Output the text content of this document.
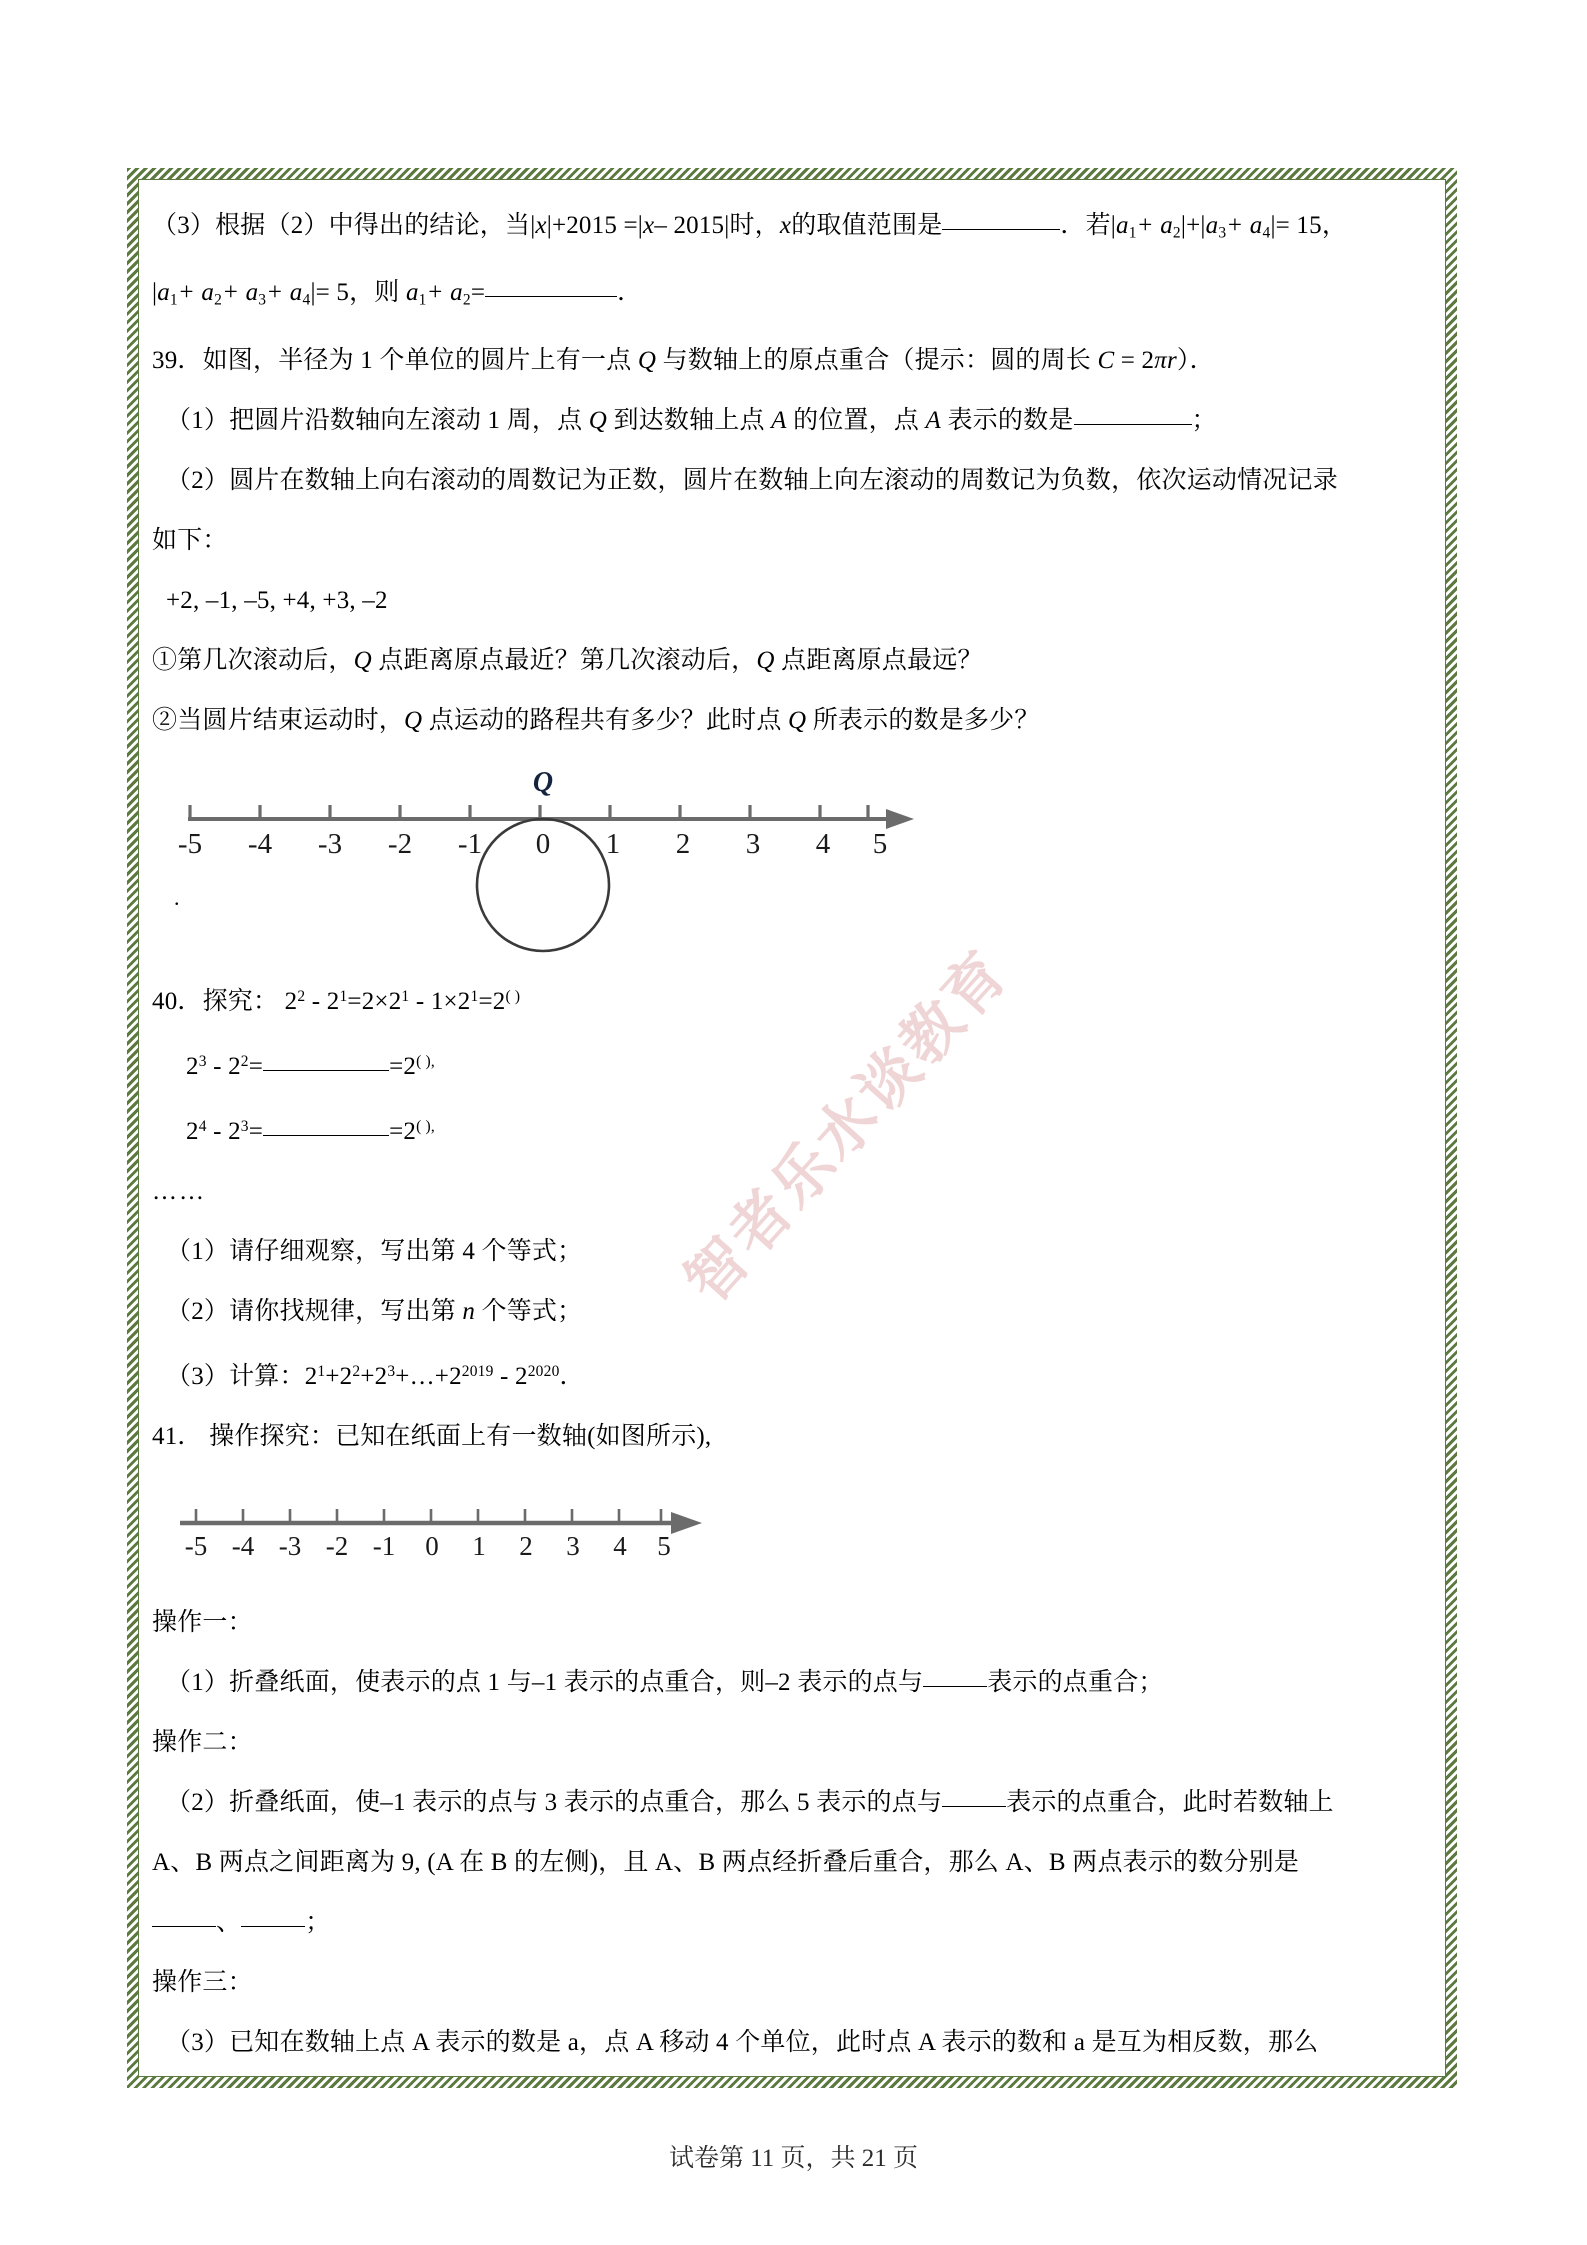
智者乐水谈教育
（3）根据（2）中得出的结论，当|x|+2015 =|x– 2015|时，x的取值范围是	．若$|a_1+ a_2|+|a_3+ a_4|= 15$，
$|a_1+ a_2+ a_3+ a_4|= 5$，则 $a_1+ a_2=$	．
39．如图，半径为 1 个单位的圆片上有一点 Q 与数轴上的原点重合（提示：圆的周长 C = 2πr）．
（1）把圆片沿数轴向左滚动 1 周，点 Q 到达数轴上点 A 的位置，点 A 表示的数是	；
（2）圆片在数轴上向右滚动的周数记为正数，圆片在数轴上向左滚动的周数记为负数，依次运动情况记录
如下：
+2, –1, –5, +4, +3, –2
①第几次滚动后，Q 点距离原点最近？第几次滚动后，Q 点距离原点最远？
②当圆片结束运动时，Q 点运动的路程共有多少？此时点 Q 所表示的数是多少？
-5 -4 -3 -2 -1 0 1 2 3 4 5
Q
.
40．探究： $2^2 - 2^1=2\times 2^1 - 1\times 2^1=2^{( )}$
$2^3 - 2^2=$	=2( ),
$2^4 - 2^3=$	=2( ),
……
（1）请仔细观察，写出第 4 个等式；
（2）请你找规律，写出第 n 个等式；
（3）计算：$2^1+2^2+2^3+\dots+2^{2019} - 2^{2020}$．
41． 操作探究：已知在纸面上有一数轴(如图所示),
-5 -4 -3 -2 -1 0 1 2 3 4 5
操作一：
（1）折叠纸面，使表示的点 1 与–1 表示的点重合，则–2 表示的点与	表示的点重合；
操作二：
（2）折叠纸面，使–1 表示的点与 3 表示的点重合，那么 5 表示的点与	表示的点重合，此时若数轴上
A、B 两点之间距离为 9, (A 在 B 的左侧)，且 A、B 两点经折叠后重合，那么 A、B 两点表示的数分别是
、	；
操作三：
（3）已知在数轴上点 A 表示的数是 a，点 A 移动 4 个单位，此时点 A 表示的数和 a 是互为相反数，那么
试卷第 11 页，共 21 页
